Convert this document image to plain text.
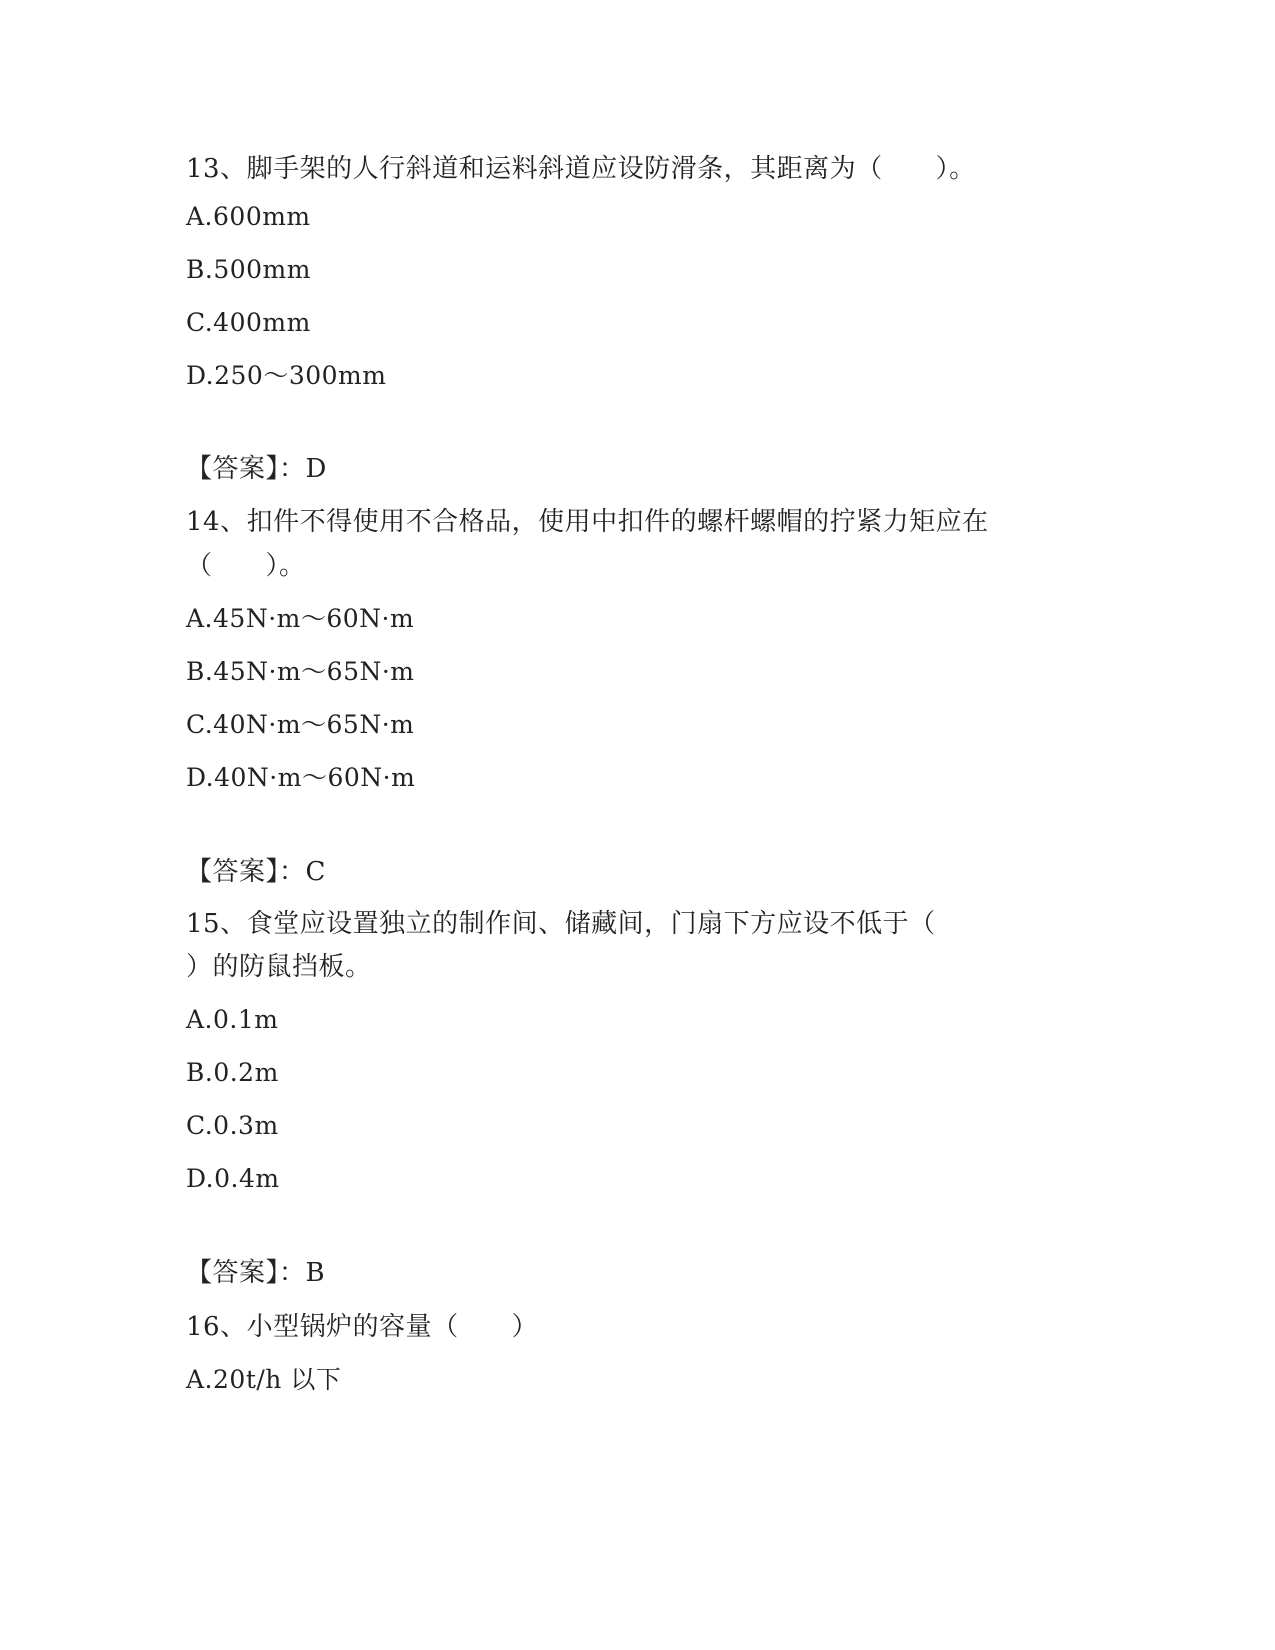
13、脚手架的人行斜道和运料斜道应设防滑条，其距离为（　　）。
A.600mm
B.500mm
C.400mm
D.250～300mm
【答案】：D
14、扣件不得使用不合格品，使用中扣件的螺杆螺帽的拧紧力矩应在
（　　）。
A.45N·m～60N·m
B.45N·m～65N·m
C.40N·m～65N·m
D.40N·m～60N·m
【答案】：C
15、食堂应设置独立的制作间、储藏间，门扇下方应设不低于（
）的防鼠挡板。
A.0.1m
B.0.2m
C.0.3m
D.0.4m
【答案】：B
16、小型锅炉的容量（　　）
A.20t/h 以下
